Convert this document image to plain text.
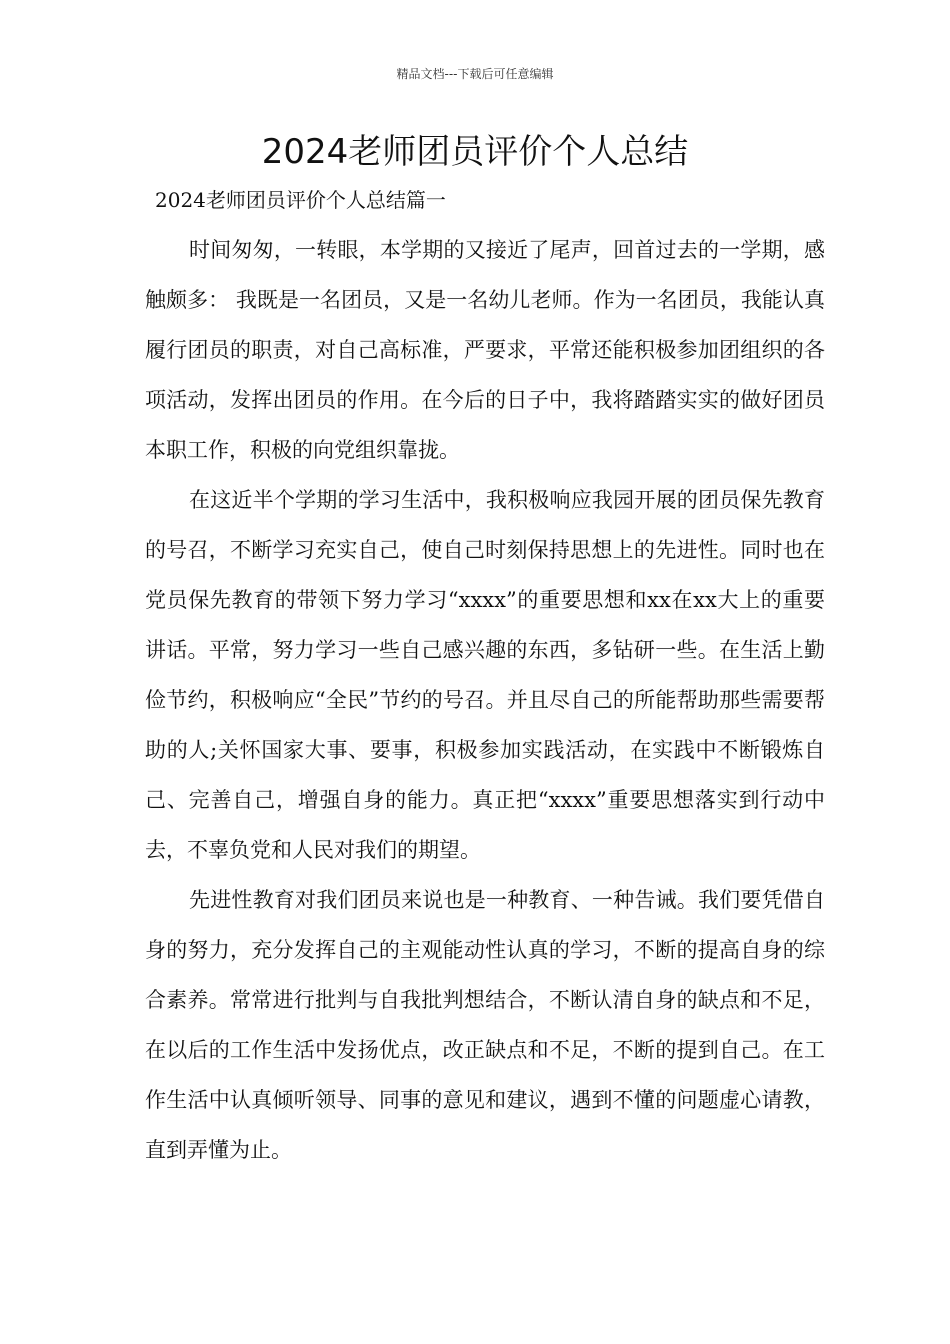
精品文档---下载后可任意编辑
2024老师团员评价个人总结
2024老师团员评价个人总结篇一

时间匆匆，一转眼，本学期的又接近了尾声，回首过去的一学期，感触颇多： 我既是一名团员，又是一名幼儿老师。作为一名团员，我能认真履行团员的职责，对自己高标准，严要求，平常还能积极参加团组织的各项活动，发挥出团员的作用。在今后的日子中，我将踏踏实实的做好团员本职工作，积极的向党组织靠拢。

在这近半个学期的学习生活中，我积极响应我园开展的团员保先教育的号召，不断学习充实自己，使自己时刻保持思想上的先进性。同时也在党员保先教育的带领下努力学习“xxxx”的重要思想和xx在xx大上的重要讲话。平常，努力学习一些自己感兴趣的东西，多钻研一些。在生活上勤俭节约，积极响应“全民”节约的号召。并且尽自己的所能帮助那些需要帮助的人;关怀国家大事、要事，积极参加实践活动，在实践中不断锻炼自己、完善自己，增强自身的能力。真正把“xxxx”重要思想落实到行动中去，不辜负党和人民对我们的期望。

先进性教育对我们团员来说也是一种教育、一种告诫。我们要凭借自身的努力，充分发挥自己的主观能动性认真的学习，不断的提高自身的综合素养。常常进行批判与自我批判想结合，不断认清自身的缺点和不足，在以后的工作生活中发扬优点，改正缺点和不足，不断的提到自己。在工作生活中认真倾听领导、同事的意见和建议，遇到不懂的问题虚心请教，直到弄懂为止。
